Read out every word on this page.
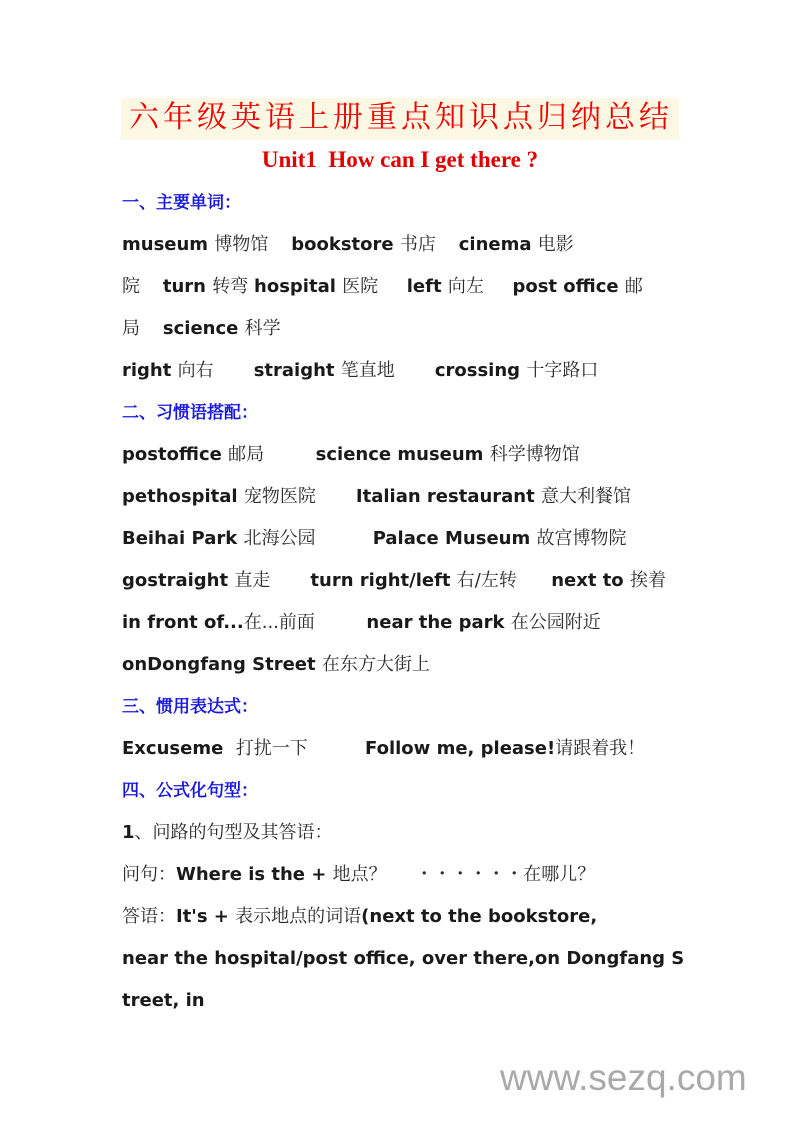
六年级英语上册重点知识点归纳总结
Unit1  How can I get there ?
一、主要单词：
museum 博物馆    bookstore 书店    cinema 电影
院    turn 转弯 hospital 医院     left 向左     post office 邮
局    science 科学
right 向右       straight 笔直地       crossing 十字路口
二、习惯语搭配：
postoffice 邮局         science museum 科学博物馆
pethospital 宠物医院       Italian restaurant 意大利餐馆
Beihai Park 北海公园          Palace Museum 故宫博物院
gostraight 直走       turn right/left 右/左转      next to 挨着
in front of...在...前面         near the park 在公园附近
onDongfang Street 在东方大街上
三、惯用表达式：
Excuseme  打扰一下          Follow me, please!请跟着我！
四、公式化句型：
1、问路的句型及其答语：
问句：Where is the + 地点？     ・・・・・・在哪儿？
答语：It's + 表示地点的词语(next to the bookstore,
near the hospital/post office, over there,on Dongfang S
treet, in
www.sezq.com
